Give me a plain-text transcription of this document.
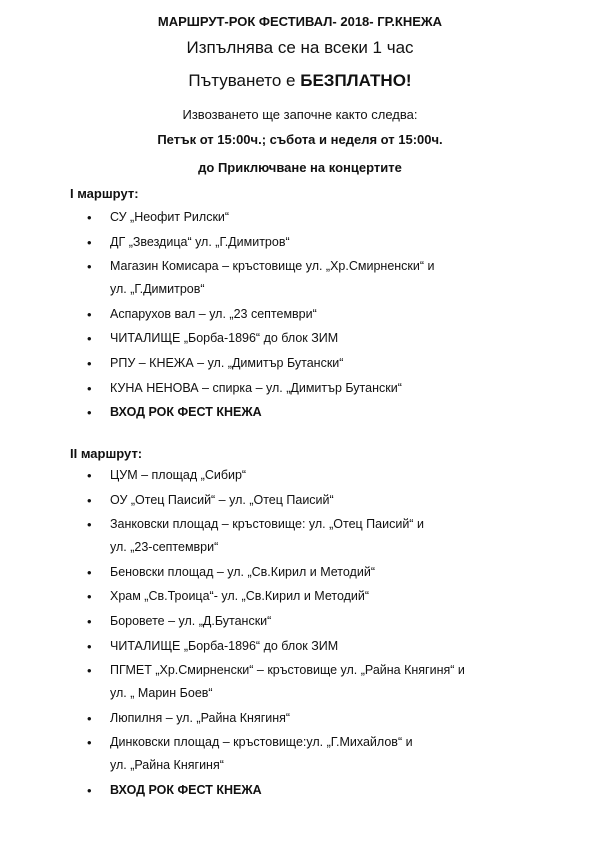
МАРШРУТ-РОК ФЕСТИВАЛ- 2018- ГР.КНЕЖА
Изпълнява се на всеки 1 час
Пътуването е БЕЗПЛАТНО!
Извозването ще започне както следва:
Петък от 15:00ч.; събота и неделя от 15:00ч.
до Приключване на концертите
I маршрут:
• СУ „Неофит Рилски“
• ДГ „Звездица“ ул. „Г.Димитров“
• Магазин Комисара – кръстовище ул. „Хр.Смирненски“ и
ул. „Г.Димитров“
• Аспарухов вал – ул. „23 септември“
• ЧИТАЛИЩЕ „Борба-1896“ до блок ЗИМ
• РПУ – КНЕЖА – ул. „Димитър Бутански“
• КУНА НЕНОВА – спирка – ул. „Димитър Бутански“
• ВХОД РОК ФЕСТ КНЕЖА
II маршрут:
• ЦУМ – площад „Сибир“
• ОУ „Отец Паисий“ – ул. „Отец Паисий“
• Занковски площад – кръстовище: ул. „Отец Паисий“ и
ул. „23-септември“
• Беновски площад – ул. „Св.Кирил и Методий“
• Храм „Св.Троица“- ул. „Св.Кирил и Методий“
• Боровете – ул. „Д.Бутански“
• ЧИТАЛИЩЕ „Борба-1896“ до блок ЗИМ
• ПГМЕТ „Хр.Смирненски“ – кръстовище ул. „Райна Княгиня“ и
ул. „ Марин Боев“
• Люпилня – ул. „Райна Княгиня“
• Динковски площад – кръстовище:ул. „Г.Михайлов“ и
ул. „Райна Княгиня“
• ВХОД РОК ФЕСТ КНЕЖА
